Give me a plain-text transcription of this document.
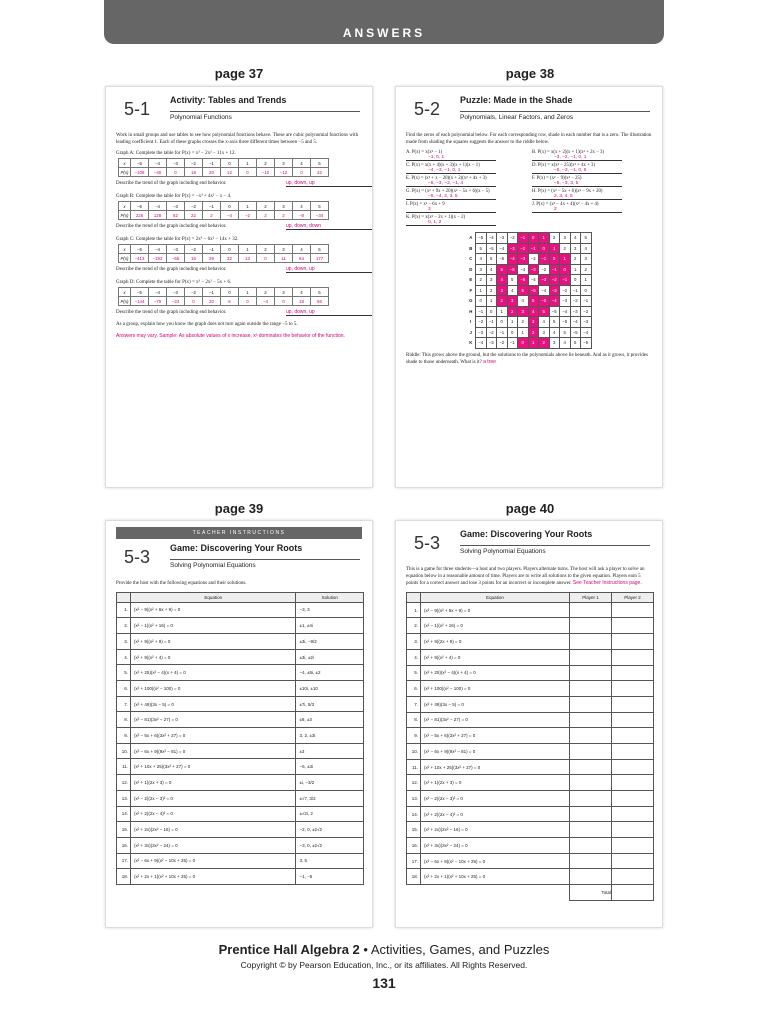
ANSWERS
page 37	page 38
page 39	page 40
5-1 Activity: Tables and Trends
Polynomial Functions

Work in small groups and use tables to see how polynomial functions behave. These are cubic polynomial functions with leading coefficient 1. Each of these graphs crosses the x-axis three different times between −5 and 5.

Graph A: Complete the table for P(x) = x³ − 2x² − 11x + 12.

x	−5	−4	−3	−2	−1	0	1	2	3	4	5
P(x)	−108	−40	0	18	20	12	0	−10	−12	0	32
Describe the trend of the graph including end behavior.	up, down, up

Graph B: Complete the table for P(x) = −x³ + 4x² − x − 4.

x	−5	−4	−3	−2	−1	0	1	2	3	4	5
P(x)	226	128	62	22	2	−4	−2	2	2	−8	−34
Describe the trend of the graph including end behavior.	up, down, down

Graph C: Complete the table for P(x) = 2x³ − 6x² − 14x + 32.

x	−5	−4	−3	−2	−1	0	1	2	3	4	5
P(x)	−413	−192	−55	16	39	32	13	0	11	64	177
Describe the trend of the graph including end behavior.	up, down, up

Graph D: Complete the table for P(x) = x³ − 2x² − 5x + 6.

x	−5	−4	−3	−2	−1	0	1	2	3	4	5
P(x)	−144	−70	−24	0	20	6	0	−4	0	18	56
Describe the trend of the graph including end behavior.	up, down, up

As a group, explain how you know the graph does not turn again outside the range −5 to 5.

Answers may vary. Sample: As absolute values of x increase, x³ dominates the behavior of the function.

5-2 Puzzle: Made in the Shade
Polynomials, Linear Factors, and Zeros

Find the zeros of each polynomial below. For each corresponding row, shade in each number that is a zero. The illustration made from shading the squares suggests the answer to the riddle below.

A. P(x) = x(x² − 1)
−1, 0, 1
B. P(x) = x(x + 2)(x + 1)(x² + 2x − 3)
−3, −2, −1, 0, 1
C. P(x) = x(x + 4)(x + 3)(x + 1)(x − 1)
−4, −3, −1, 0, 1
D. P(x) = x(x² − 25)(x² + 4x + 3)
−5, −3, −1, 0, 5
E. P(x) = (x² + x − 20)(x + 2)(x² + 4x + 3)
−5, −3, −2, −1, 4
F. P(x) = (x² − 9)(x² − 25)
−5, −3, 3, 5
G. P(x) = (x² + 9x + 20)(x² − 5x + 6)(x − 5)
−5, −4, 2, 3, 5
H. P(x) = (x² − 5x + 6)(x² − 9x + 20)
2, 3, 4, 5
I. P(x) = x² − 6x + 9
3
J. P(x) = (x² − 4x + 4)(x² − 4x + 4)
2
K. P(x) = x(x² − 2x + 1)(x − 2)
0, 1, 2
A	−5	−4	−3	−2	−1	0	1	2	3	4	5
B	5	−5	−4	−3	−2	−1	0	1	2	3	4
C	4	5	−5	−4	−3	−2	−1	0	1	2	3
D	3	4	5	−5	−4	−3	−2	−1	0	1	2
E	2	3	4	5	−5	−4	−3	−2	−1	0	1
F	1	2	3	4	5	−5	−4	−3	−2	−1	0
G	0	1	2	3	4	5	−5	−4	−3	−2	−1
H	−1	0	1	2	3	4	5	−5	−4	−3	−2
I	−2	−1	0	1	2	3	4	5	−5	−4	−3
J	−3	−2	−1	0	1	2	3	4	5	−5	−4
K	−4	−3	−2	−1	0	1	2	3	4	5	−5

Riddle: This grows above the ground, but the solutions to the polynomials above lie beneath. And as it grows, it provides shade to those underneath. What is it? a tree

TEACHER INSTRUCTIONS
5-3 Game: Discovering Your Roots
Solving Polynomial Equations

Provide the host with the following equations and their solutions.

	Equation	Solution
1.	(x² − 9)(x² + 6x + 9) = 0	−3, 3
2.	(x² − 1)(x² + 16) = 0	±1, ±4i
3.	(x² + 9)(x² + 9) = 0	±3i, −9/2
4.	(x² + 9)(x² + 4) = 0	±3i, ±2i
5.	(x² + 25)(x² − 4)(x + 4) = 0	−4, ±5i, ±2
6.	(x² + 100)(x² − 100) = 0	±10i, ±10
7.	(x² + 49)(3x − 5) = 0	±7i, 5/3
8.	(x² − 81)(3x² − 27) = 0	±9, ±3
9.	(x² − 5x + 6)(3x² + 27) = 0	3, 2, ±3i
10.	(x² − 6x + 9)(9x² − 81) = 0	±3
11.	(x² + 10x + 25)(3x² + 27) = 0	−5, ±3i
12.	(x² + 1)(2x + 3) = 0	±i, −3/2
13.	(x² − 2)(2x − 3)² = 0	±√7, 3/2
14.	(x² + 2)(2x − 4)² = 0	±√2i, 2
15.	(x² + 2x)(2x² − 16) = 0	−2, 0, ±2√2
16.	(x² + 3x)(3x² − 24) = 0	−3, 0, ±2√2
17.	(x² − 6x + 9)(x² − 10x + 25) = 0	3, 5
18.	(x² + 2x + 1)(x² + 10x + 25) = 0	−1, −5
5-3 Game: Discovering Your Roots
Solving Polynomial Equations

This is a game for three students—a host and two players. Players alternate turns. The host will ask a player to solve an equation below in a reasonable amount of time. Players are to write all solutions to the given equation. Players earn 5 points for a correct answer and lose 3 points for an incorrect or incomplete answer. See Teacher Instructions page.

	Equation	Player 1	Player 2
1.	(x² − 9)(x² + 6x + 9) = 0		
2.	(x² − 1)(x² + 16) = 0		
3.	(x² + 9)(2x + 9) = 0		
4.	(x² + 9)(x² + 4) = 0		
5.	(x² + 25)(x² − 4)(x + 4) = 0		
6.	(x² + 100)(x² − 100) = 0		
7.	(x² + 49)(3x − 5) = 0		
8.	(x² − 81)(3x² − 27) = 0		
9.	(x² − 5x + 6)(3x² + 27) = 0		
10.	(x² − 6x + 9)(9x² − 81) = 0		
11.	(x² + 10x + 25)(3x² + 27) = 0		
12.	(x² + 1)(2x + 3) = 0		
13.	(x² − 2)(2x − 3)² = 0		
14.	(x² + 2)(2x − 4)² = 0		
15.	(x² + 2x)(2x² − 16) = 0		
16.	(x² + 3x)(3x² − 24) = 0		
17.	(x² − 6x + 9)(x² − 10x + 25) = 0		
18.	(x² + 2x + 1)(x² + 10x + 25) = 0		
		Total	
Prentice Hall Algebra 2 • Activities, Games, and Puzzles
Copyright © by Pearson Education, Inc., or its affiliates. All Rights Reserved.
131
